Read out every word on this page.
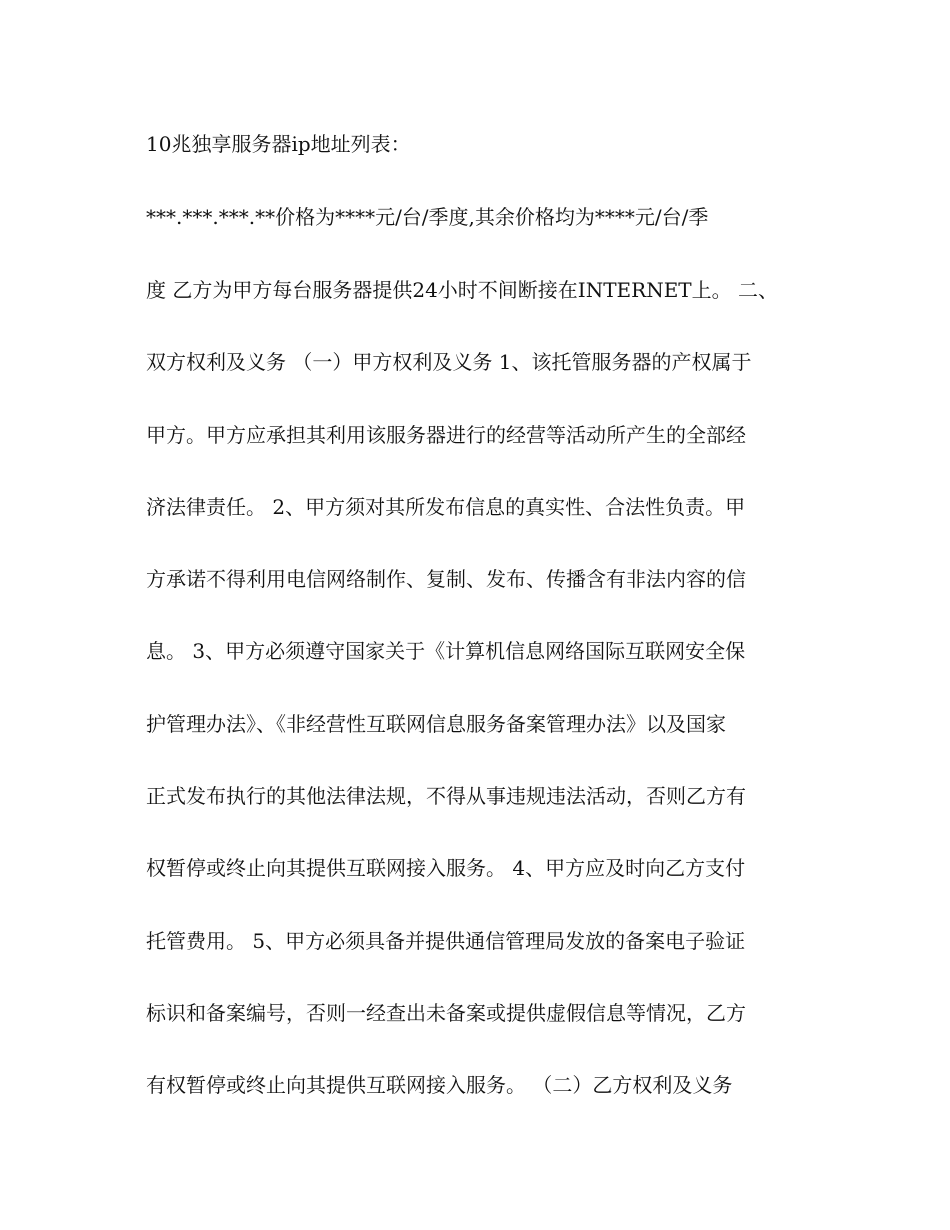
10兆独享服务器ip地址列表：
***.***.***.**价格为****元/台/季度,其余价格均为****元/台/季
度 乙方为甲方每台服务器提供24小时不间断接在INTERNET上。 二、
双方权利及义务 （一）甲方权利及义务 1、该托管服务器的产权属于
甲方。甲方应承担其利用该服务器进行的经营等活动所产生的全部经
济法律责任。 2、甲方须对其所发布信息的真实性、合法性负责。甲
方承诺不得利用电信网络制作、复制、发布、传播含有非法内容的信
息。 3、甲方必须遵守国家关于《计算机信息网络国际互联网安全保
护管理办法》、《非经营性互联网信息服务备案管理办法》以及国家
正式发布执行的其他法律法规，不得从事违规违法活动，否则乙方有
权暂停或终止向其提供互联网接入服务。 4、甲方应及时向乙方支付
托管费用。 5、甲方必须具备并提供通信管理局发放的备案电子验证
标识和备案编号，否则一经查出未备案或提供虚假信息等情况，乙方
有权暂停或终止向其提供互联网接入服务。 （二）乙方权利及义务
